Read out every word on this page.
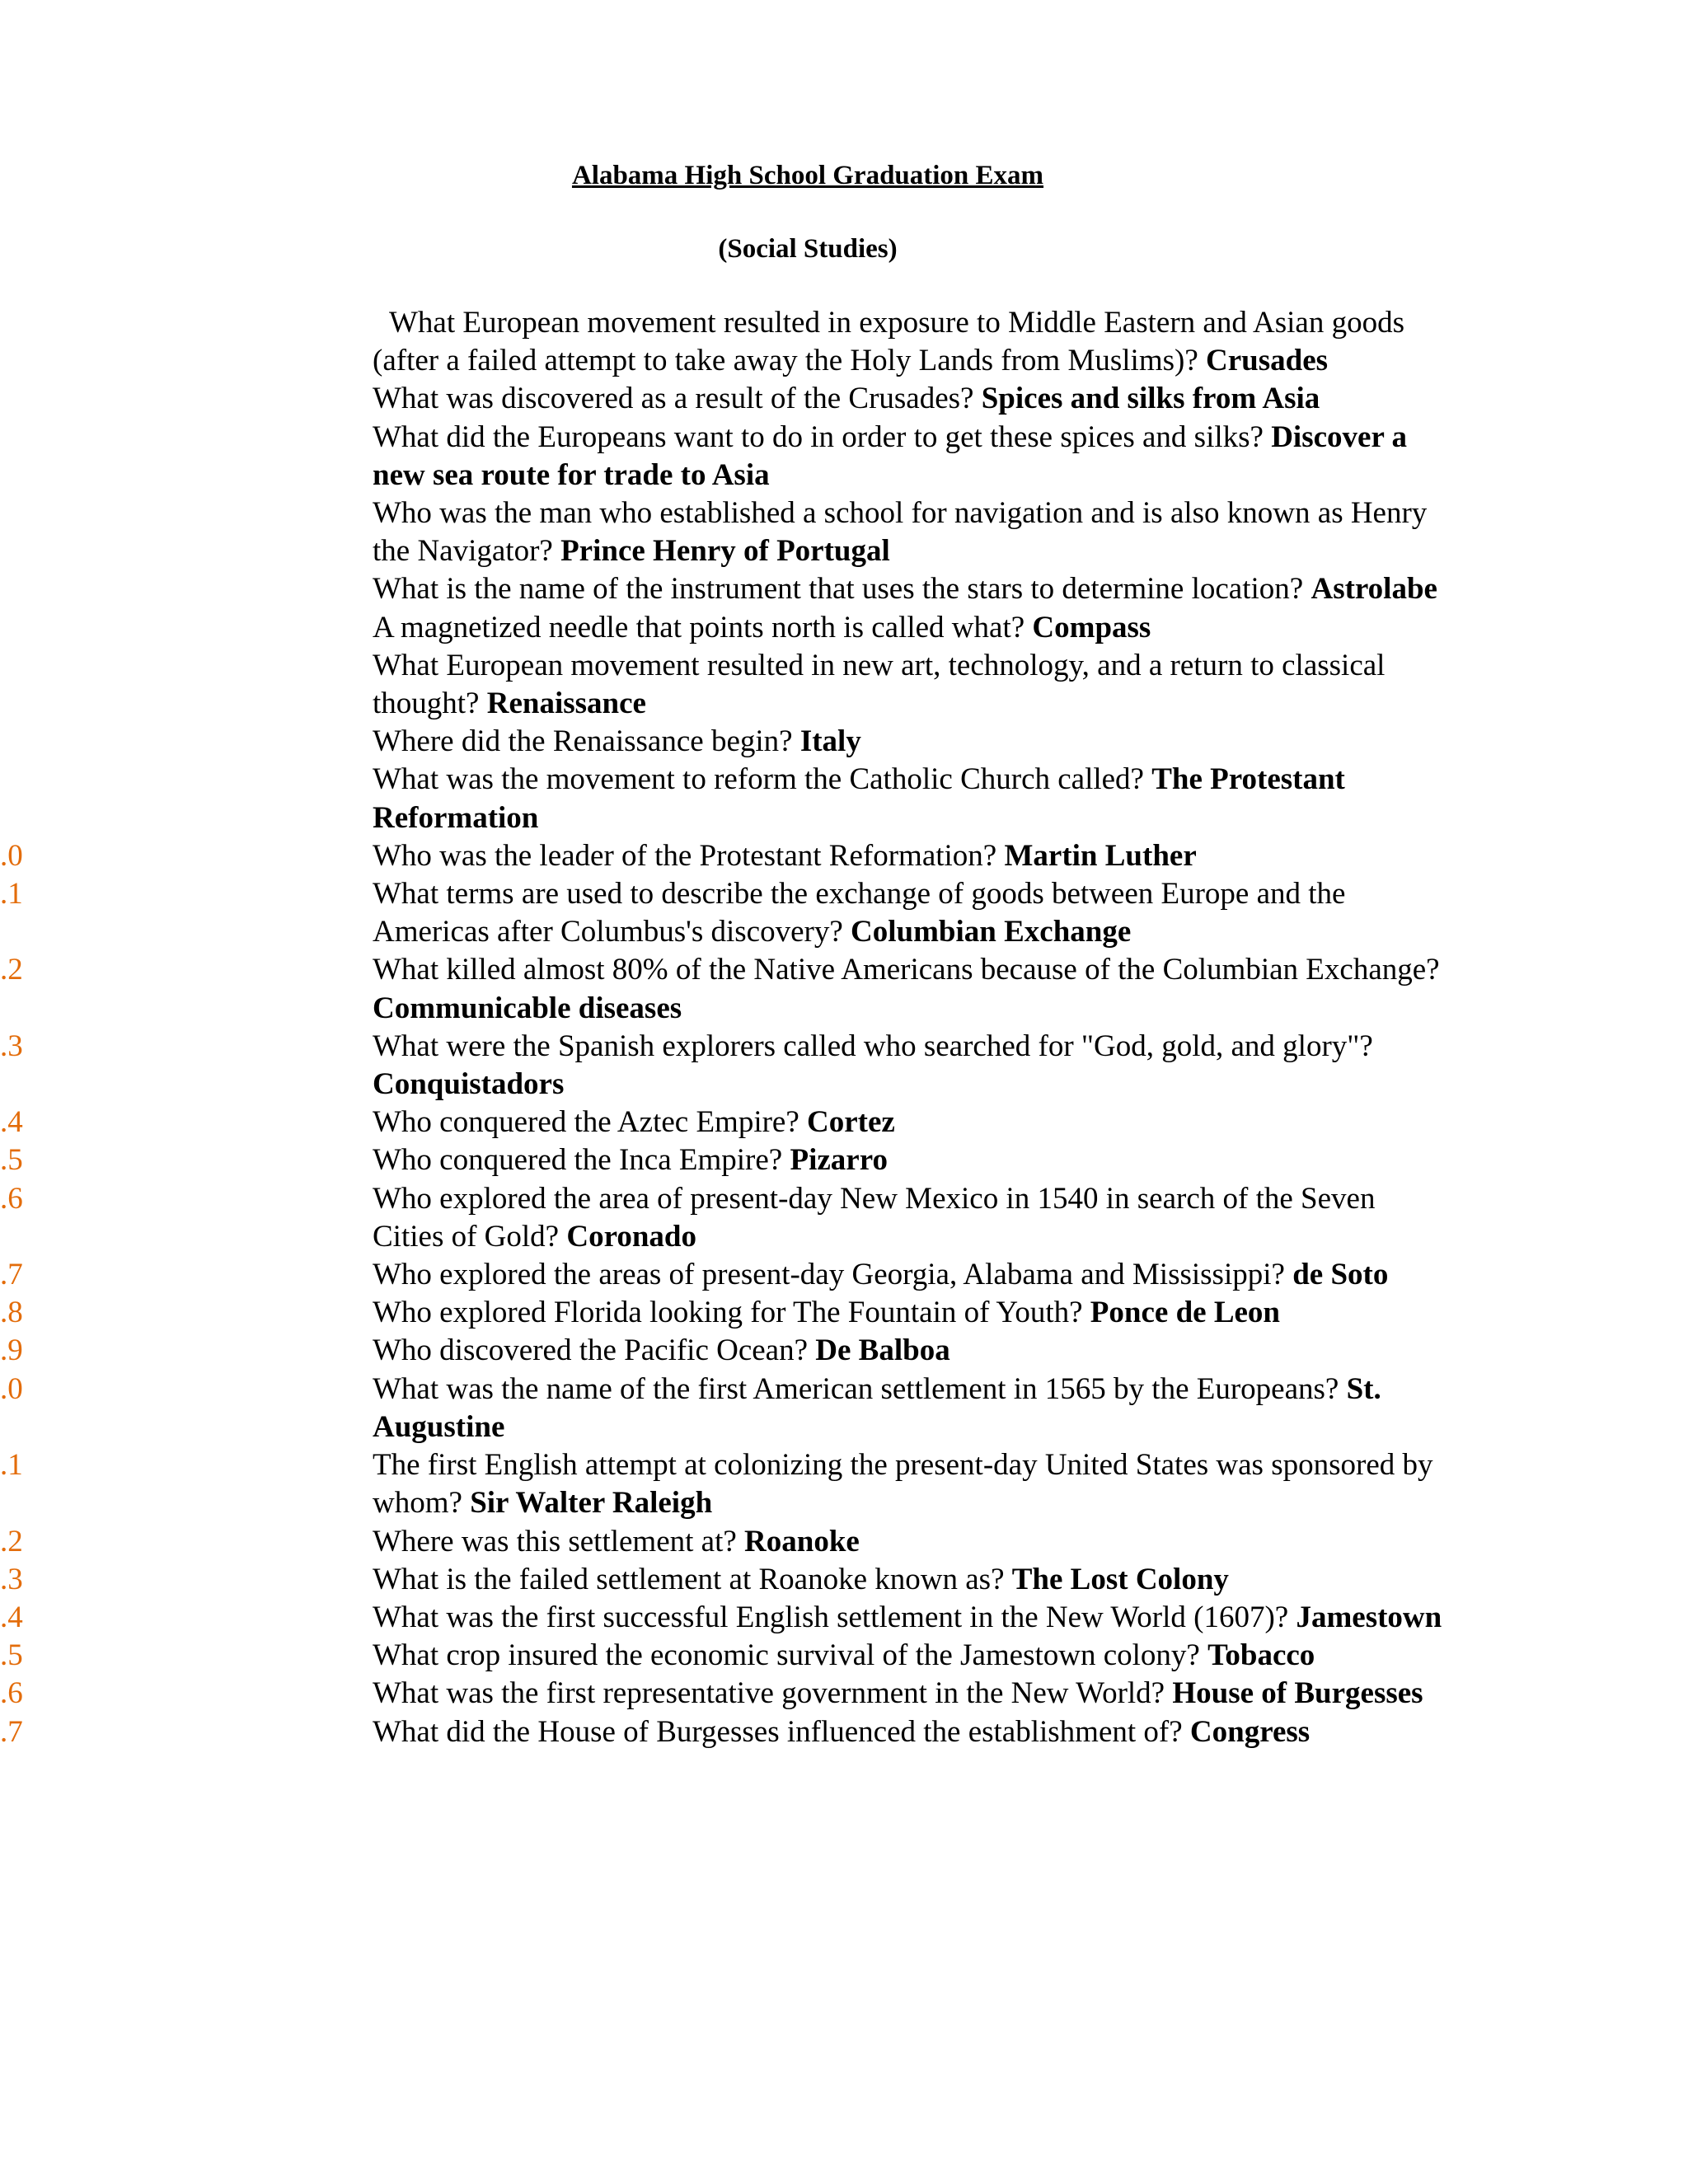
Alabama High School Graduation Exam
(Social Studies)
What European movement resulted in exposure to Middle Eastern and Asian goods (after a failed attempt to take away the Holy Lands from Muslims)? Crusades
What was discovered as a result of the Crusades? Spices and silks from Asia
What did the Europeans want to do in order to get these spices and silks? Discover a new sea route for trade to Asia
Who was the man who established a school for navigation and is also known as Henry the Navigator? Prince Henry of Portugal
What is the name of the instrument that uses the stars to determine location? Astrolabe
A magnetized needle that points north is called what? Compass
What European movement resulted in new art, technology, and a return to classical thought? Renaissance
Where did the Renaissance begin? Italy
What was the movement to reform the Catholic Church called? The Protestant Reformation
0.	Who was the leader of the Protestant Reformation? Martin Luther
1.	What terms are used to describe the exchange of goods between Europe and the Americas after Columbus's discovery? Columbian Exchange
2.	What killed almost 80% of the Native Americans because of the Columbian Exchange? Communicable diseases
3.	What were the Spanish explorers called who searched for "God, gold, and glory"? Conquistadors
4.	Who conquered the Aztec Empire? Cortez
5.	Who conquered the Inca Empire? Pizarro
6.	Who explored the area of present-day New Mexico in 1540 in search of the Seven Cities of Gold? Coronado
7.	Who explored the areas of present-day Georgia, Alabama and Mississippi? de Soto
8.	Who explored Florida looking for The Fountain of Youth? Ponce de Leon
9.	Who discovered the Pacific Ocean? De Balboa
0.	What was the name of the first American settlement in 1565 by the Europeans? St. Augustine
1.	The first English attempt at colonizing the present-day United States was sponsored by whom? Sir Walter Raleigh
2.	Where was this settlement at? Roanoke
3.	What is the failed settlement at Roanoke known as? The Lost Colony
4.	What was the first successful English settlement in the New World (1607)? Jamestown
5.	What crop insured the economic survival of the Jamestown colony? Tobacco
6.	What was the first representative government in the New World? House of Burgesses
7.	What did the House of Burgesses influenced the establishment of? Congress
